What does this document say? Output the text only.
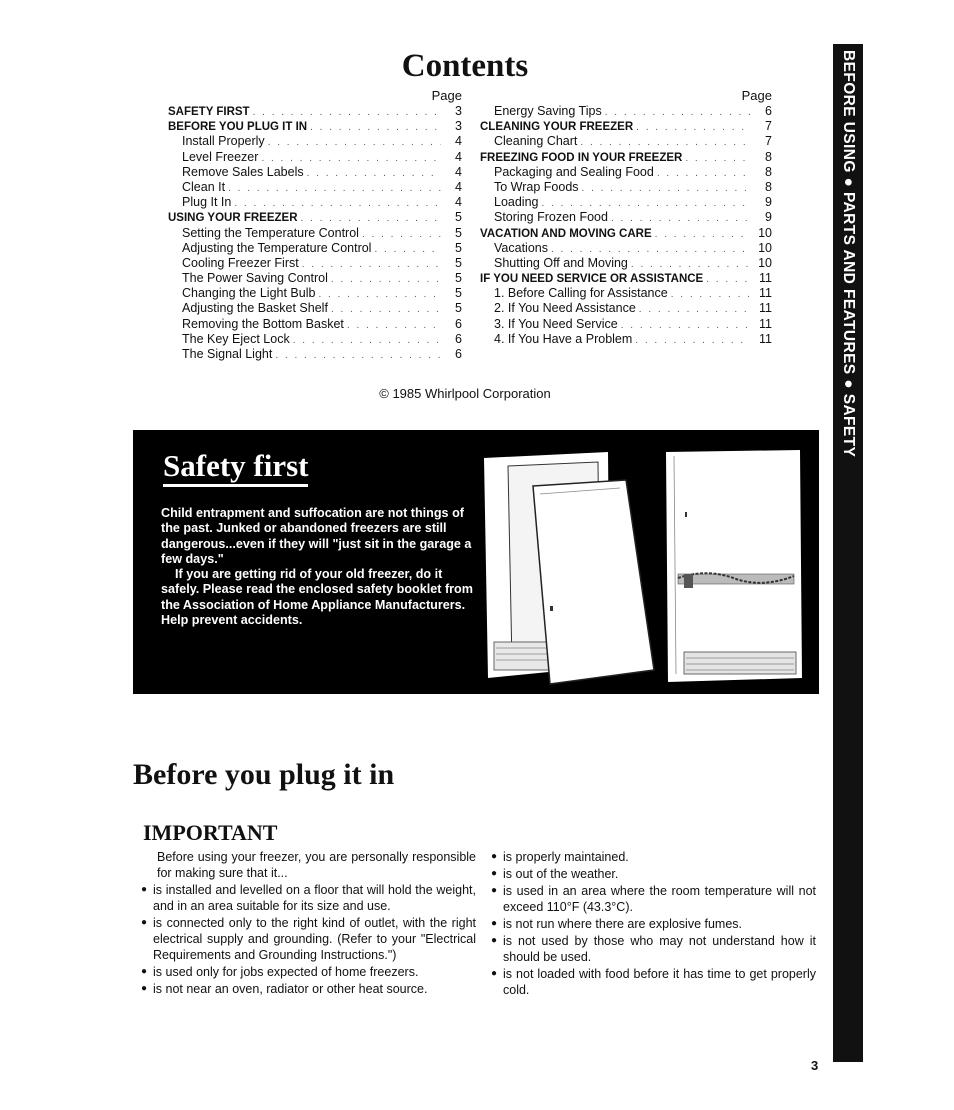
BEFORE USING ● PARTS AND FEATURES ● SAFETY
Contents
Page
SAFETY FIRST . . .	3
BEFORE YOU PLUG IT IN . . .	3
Install Properly . . .	4
Level Freezer . . .	4
Remove Sales Labels . . .	4
Clean It . . .	4
Plug It In . . .	4
USING YOUR FREEZER . . .	5
Setting the Temperature Control . . .	5
Adjusting the Temperature Control . . .	5
Cooling Freezer First . . .	5
The Power Saving Control . . .	5
Changing the Light Bulb . . .	5
Adjusting the Basket Shelf . . .	5
Removing the Bottom Basket . . .	6
The Key Eject Lock . . .	6
The Signal Light . . .	6
Page
Energy Saving Tips . . .	6
CLEANING YOUR FREEZER . . .	7
Cleaning Chart . . .	7
FREEZING FOOD IN YOUR FREEZER . . .	8
Packaging and Sealing Food . . .	8
To Wrap Foods . . .	8
Loading . . .	9
Storing Frozen Food . . .	9
VACATION AND MOVING CARE . . .	10
Vacations . . .	10
Shutting Off and Moving . . .	10
IF YOU NEED SERVICE OR ASSISTANCE . . .	11
1. Before Calling for Assistance . . .	11
2. If You Need Assistance . . .	11
3. If You Need Service . . .	11
4. If You Have a Problem . . .	11
© 1985 Whirlpool Corporation
Safety first

Child entrapment and suffocation are not things of the past. Junked or abandoned freezers are still dangerous...even if they will "just sit in the garage a few days."

If you are getting rid of your old freezer, do it safely. Please read the enclosed safety booklet from the Association of Home Appliance Manufacturers. Help prevent accidents.

Before you plug it in
IMPORTANT
Before using your freezer, you are personally responsible for making sure that it...
● is installed and levelled on a floor that will hold the weight, and in an area suitable for its size and use.
● is connected only to the right kind of outlet, with the right electrical supply and grounding. (Refer to your "Electrical Requirements and Grounding Instructions.")
● is used only for jobs expected of home freezers.
● is not near an oven, radiator or other heat source.
● is properly maintained.
● is out of the weather.
● is used in an area where the room temperature will not exceed 110°F (43.3°C).
● is not run where there are explosive fumes.
● is not used by those who may not understand how it should be used.
● is not loaded with food before it has time to get properly cold.
3
